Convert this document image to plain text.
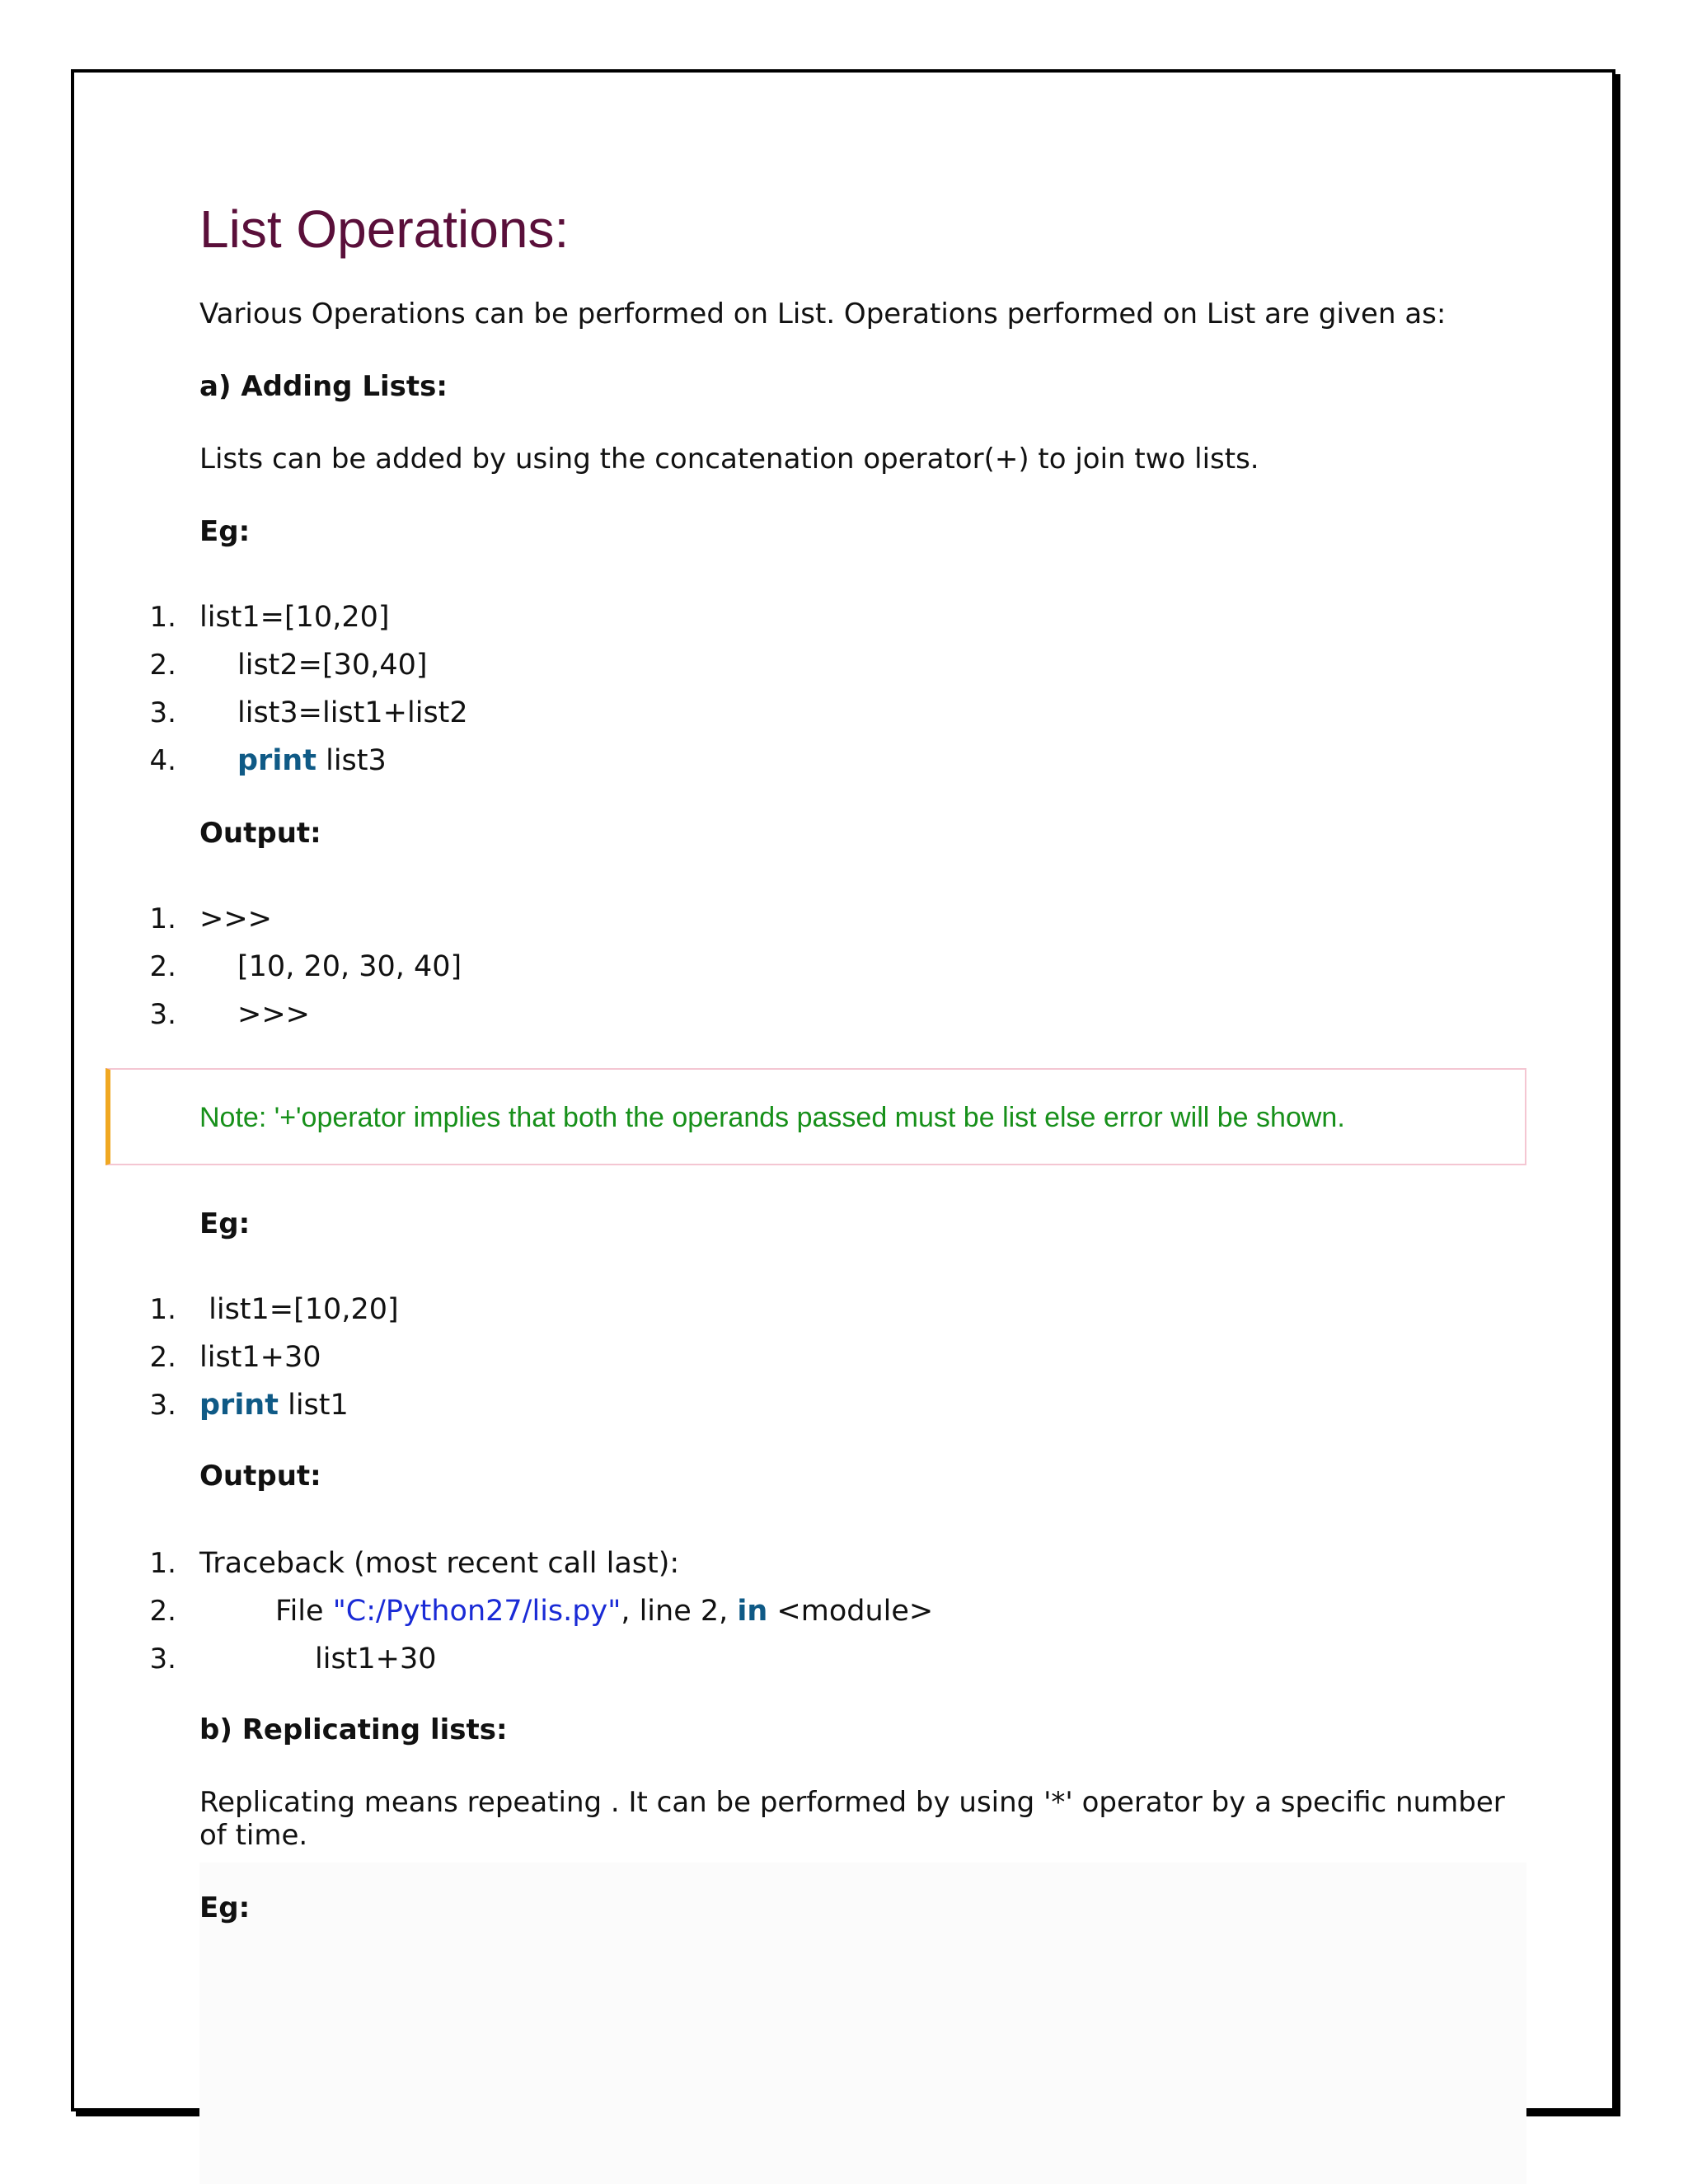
List Operations:
Various Operations can be performed on List. Operations performed on List are given as:
a) Adding Lists:
Lists can be added by using the concatenation operator(+) to join two lists.
Eg:
1. list1=[10,20]
2. list2=[30,40]
3. list3=list1+list2
4. print list3
Output:
1. >>>
2. [10, 20, 30, 40]
3. >>>
Note: '+'operator implies that both the operands passed must be list else error will be shown.
Eg:
1. list1=[10,20]
2. list1+30
3. print list1
Output:
1. Traceback (most recent call last):
2.	File "C:/Python27/lis.py", line 2, in <module>
3.	list1+30
b) Replicating lists:
Replicating means repeating . It can be performed by using '*' operator by a specific number
of time.
Eg:
